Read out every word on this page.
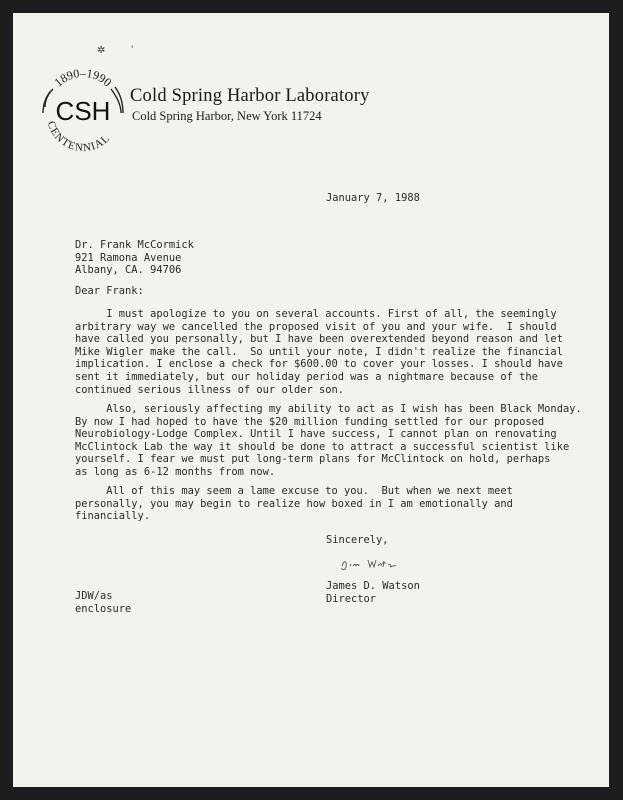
✲        ˈ
1890–1990
CSH
CENTENNIAL
Cold Spring Harbor Laboratory
Cold Spring Harbor, New York 11724
January 7, 1988
Dr. Frank McCormick
921 Ramona Avenue
Albany, CA. 94706
Dear Frank:
I must apologize to you on several accounts. First of all, the seemingly
arbitrary way we cancelled the proposed visit of you and your wife.  I should
have called you personally, but I have been overextended beyond reason and let
Mike Wigler make the call.  So until your note, I didn't realize the financial
implication. I enclose a check for $600.00 to cover your losses. I should have
sent it immediately, but our holiday period was a nightmare because of the
continued serious illness of our older son.
Also, seriously affecting my ability to act as I wish has been Black Monday.
By now I had hoped to have the $20 million funding settled for our proposed
Neurobiology-Lodge Complex. Until I have success, I cannot plan on renovating
McClintock Lab the way it should be done to attract a successful scientist like
yourself. I fear we must put long-term plans for McClintock on hold, perhaps
as long as 6-12 months from now.
All of this may seem a lame excuse to you.  But when we next meet
personally, you may begin to realize how boxed in I am emotionally and
financially.
Sincerely,
James D. Watson
Director
JDW/as
enclosure
